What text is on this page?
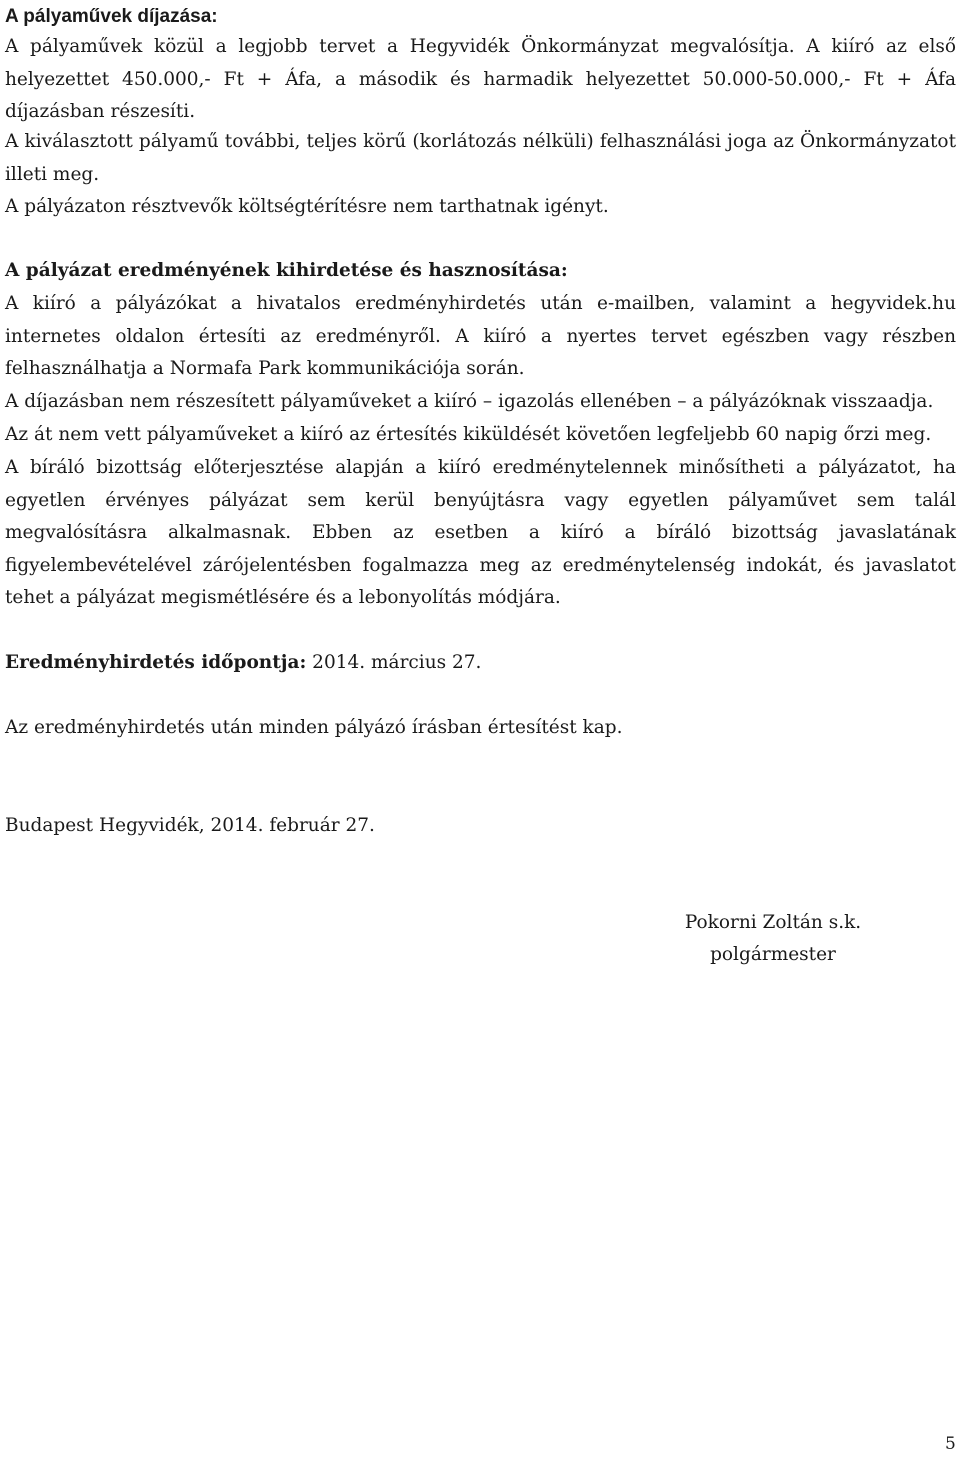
A pályaművek díjazása:

A pályaművek közül a legjobb tervet a Hegyvidék Önkormányzat megvalósítja. A kiíró az első helyezettet 450.000,- Ft + Áfa, a második és harmadik helyezettet 50.000-50.000,- Ft + Áfa díjazásban részesíti.

A kiválasztott pályamű további, teljes körű (korlátozás nélküli) felhasználási joga az Önkormányzatot illeti meg.

A pályázaton résztvevők költségtérítésre nem tarthatnak igényt.

A pályázat eredményének kihirdetése és hasznosítása:

A kiíró a pályázókat a hivatalos eredményhirdetés után e-mailben, valamint a hegyvidek.hu internetes oldalon értesíti az eredményről. A kiíró a nyertes tervet egészben vagy részben felhasználhatja a Normafa Park kommunikációja során.

A díjazásban nem részesített pályaműveket a kiíró – igazolás ellenében – a pályázóknak visszaadja.

Az át nem vett pályaműveket a kiíró az értesítés kiküldését követően legfeljebb 60 napig őrzi meg.

A bíráló bizottság előterjesztése alapján a kiíró eredménytelennek minősítheti a pályázatot, ha egyetlen érvényes pályázat sem kerül benyújtásra vagy egyetlen pályaművet sem talál megvalósításra alkalmasnak. Ebben az esetben a kiíró a bíráló bizottság javaslatának figyelembevételével zárójelentésben fogalmazza meg az eredménytelenség indokát, és javaslatot tehet a pályázat megismétlésére és a lebonyolítás módjára.

Eredményhirdetés időpontja: 2014. március 27.

Az eredményhirdetés után minden pályázó írásban értesítést kap.

Budapest Hegyvidék, 2014. február 27.

Pokorni Zoltán s.k.
polgármester
5
